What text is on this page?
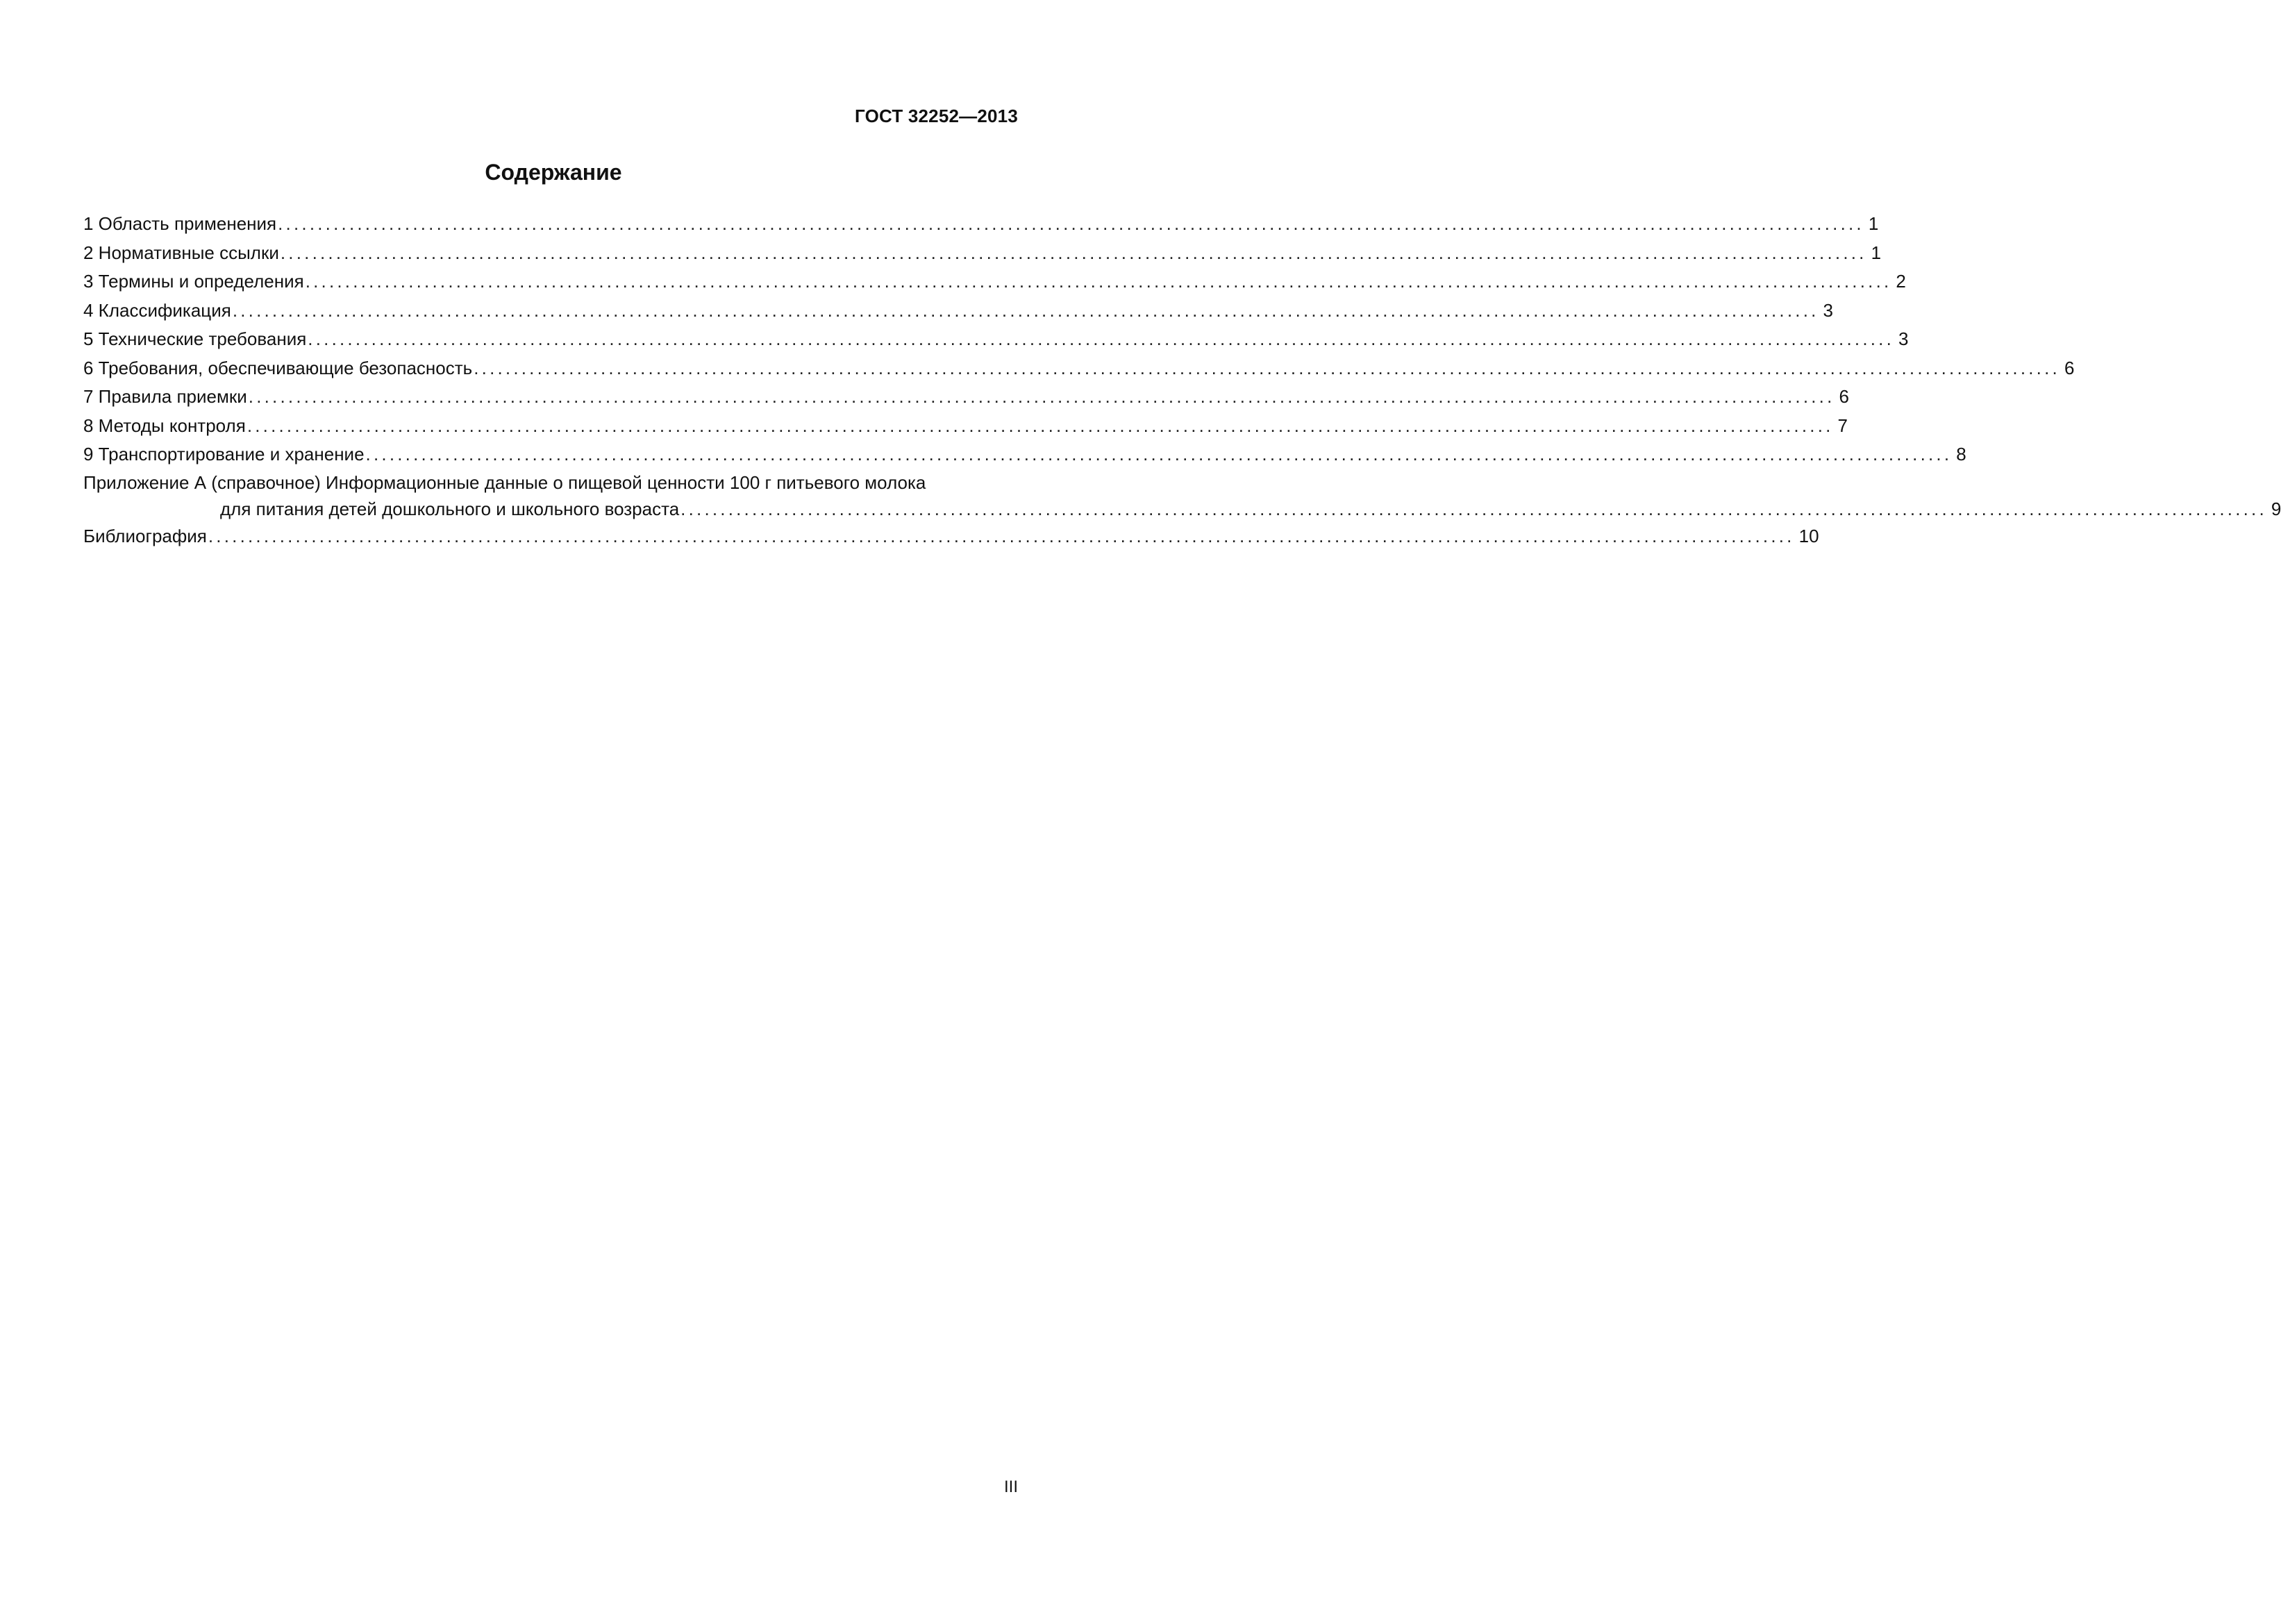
ГОСТ 32252—2013
Содержание
1 Область применения ........................................................................................................................................................................................................ 1
2 Нормативные ссылки ........................................................................................................................................................................................................ 1
3 Термины и определения ........................................................................................................................................................................................................ 2
4 Классификация ........................................................................................................................................................................................................ 3
5 Технические требования ........................................................................................................................................................................................................ 3
6 Требования, обеспечивающие безопасность ........................................................................................................................................................................................................ 6
7 Правила приемки ........................................................................................................................................................................................................ 6
8 Методы контроля ........................................................................................................................................................................................................ 7
9 Транспортирование и хранение ........................................................................................................................................................................................................ 8
Приложение А (справочное) Информационные данные о пищевой ценности 100 г питьевого молока
для питания детей дошкольного и школьного возраста ........................................................................................................................................................................................................ 9
Библиография ........................................................................................................................................................................................................ 10
III
